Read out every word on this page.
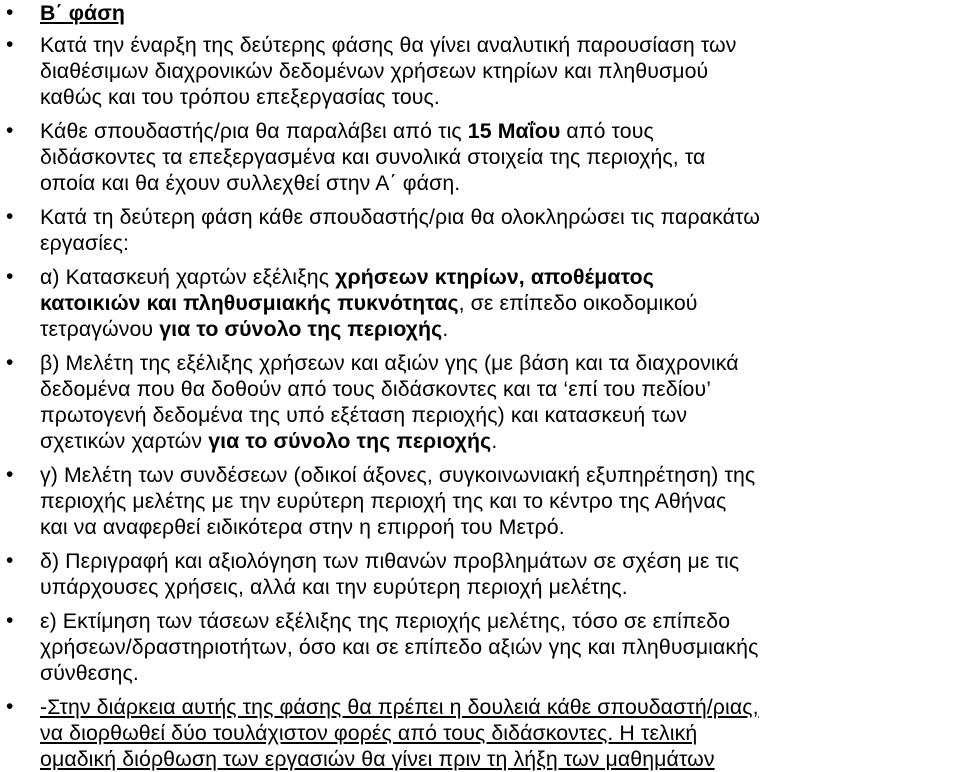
• Β΄ φάση
• Κατά την έναρξη της δεύτερης φάσης θα γίνει αναλυτική παρουσίαση των
διαθέσιμων διαχρονικών δεδομένων χρήσεων κτηρίων και πληθυσμού
καθώς και του τρόπου επεξεργασίας τους.
• Κάθε σπουδαστής/ρια θα παραλάβει από τις 15 Μαΐου από τους
διδάσκοντες τα επεξεργασμένα και συνολικά στοιχεία της περιοχής, τα
οποία και θα έχουν συλλεχθεί στην Α΄ φάση.
• Κατά τη δεύτερη φάση κάθε σπουδαστής/ρια θα ολοκληρώσει τις παρακάτω
εργασίες:
• α) Κατασκευή χαρτών εξέλιξης χρήσεων κτηρίων, αποθέματος
κατοικιών και πληθυσμιακής πυκνότητας, σε επίπεδο οικοδομικού
τετραγώνου για το σύνολο της περιοχής.
• β) Μελέτη της εξέλιξης χρήσεων και αξιών γης (με βάση και τα διαχρονικά
δεδομένα που θα δοθούν από τους διδάσκοντες και τα ‘επί του πεδίου’
πρωτογενή δεδομένα της υπό εξέταση περιοχής) και κατασκευή των
σχετικών χαρτών για το σύνολο της περιοχής.
• γ) Μελέτη των συνδέσεων (οδικοί άξονες, συγκοινωνιακή εξυπηρέτηση) της
περιοχής μελέτης με την ευρύτερη περιοχή της και το κέντρο της Αθήνας
και να αναφερθεί ειδικότερα στην η επιρροή του Μετρό.
• δ) Περιγραφή και αξιολόγηση των πιθανών προβλημάτων σε σχέση με τις
υπάρχουσες χρήσεις, αλλά και την ευρύτερη περιοχή μελέτης.
• ε) Εκτίμηση των τάσεων εξέλιξης της περιοχής μελέτης, τόσο σε επίπεδο
χρήσεων/δραστηριοτήτων, όσο και σε επίπεδο αξιών γης και πληθυσμιακής
σύνθεσης.
• -Στην διάρκεια αυτής της φάσης θα πρέπει η δουλειά κάθε σπουδαστή/ριας,
να διορθωθεί δύο τουλάχιστον φορές από τους διδάσκοντες. Η τελική
ομαδική διόρθωση των εργασιών θα γίνει πριν τη λήξη των μαθημάτων
